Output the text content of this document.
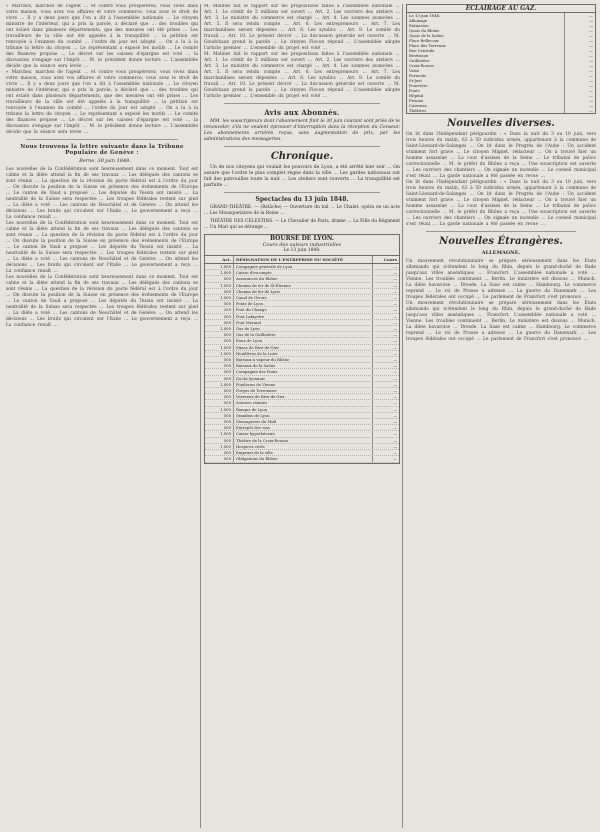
« Marchez, marchez de l'agent … et contre vous prospérerez, vous vivez dans votre maison, vous avez vos affaires et votre commerce, vous avez le droit de vivre … Il y a deux jours que l'on a dit à l'assemblée nationale … Le citoyen ministre de l'intérieur, qui a pris la parole, a déclaré que … des troubles qui ont éclaté dans plusieurs départements, que des mesures ont été prises … Les travailleurs de la ville ont été appelés à la tranquillité … la pétition est renvoyée à l'examen du comité … l'ordre du jour est adopté … On a lu à la tribune la lettre du citoyen … Le représentant a exposé les motifs … Le comité des finances propose … Le décret sur les caisses d'épargne est voté … la discussion s'engage sur l'impôt … M. le président donne lecture … L'assemblée décide que la séance sera levée …
« Marchez, marchez de l'agent … et contre vous prospérerez, vous vivez dans votre maison, vous avez vos affaires et votre commerce, vous avez le droit de vivre … Il y a deux jours que l'on a dit à l'assemblée nationale … Le citoyen ministre de l'intérieur, qui a pris la parole, a déclaré que … des troubles qui ont éclaté dans plusieurs départements, que des mesures ont été prises … Les travailleurs de la ville ont été appelés à la tranquillité … la pétition est renvoyée à l'examen du comité … l'ordre du jour est adopté … On a lu à la tribune la lettre du citoyen … Le représentant a exposé les motifs … Le comité des finances propose … Le décret sur les caisses d'épargne est voté … la discussion s'engage sur l'impôt … M. le président donne lecture … L'assemblée décide que la séance sera levée …

Nous trouvons la lettre suivante dans la Tribune Populaire de Genève :

Berne, 30 juin 1848.

Les nouvelles de la Confédération sont heureusement dans ce moment. Tout est calme et la diète attend la fin de ses travaux … Les délégués des cantons se sont réunis … La question de la révision du pacte fédéral est à l'ordre du jour … On discute la position de la Suisse en présence des événements de l'Europe … Le canton de Vaud a proposé … Les députés du Tessin ont insisté … La neutralité de la Suisse sera respectée … Les troupes fédérales restent sur pied … La diète a voté … Les cantons de Neuchâtel et de Genève … On attend les décisions … Les bruits qui circulent sur l'Italie … Le gouvernement a reçu … La confiance renaît …
Les nouvelles de la Confédération sont heureusement dans ce moment. Tout est calme et la diète attend la fin de ses travaux … Les délégués des cantons se sont réunis … La question de la révision du pacte fédéral est à l'ordre du jour … On discute la position de la Suisse en présence des événements de l'Europe … Le canton de Vaud a proposé … Les députés du Tessin ont insisté … La neutralité de la Suisse sera respectée … Les troupes fédérales restent sur pied … La diète a voté … Les cantons de Neuchâtel et de Genève … On attend les décisions … Les bruits qui circulent sur l'Italie … Le gouvernement a reçu … La confiance renaît …
Les nouvelles de la Confédération sont heureusement dans ce moment. Tout est calme et la diète attend la fin de ses travaux … Les délégués des cantons se sont réunis … La question de la révision du pacte fédéral est à l'ordre du jour … On discute la position de la Suisse en présence des événements de l'Europe … Le canton de Vaud a proposé … Les députés du Tessin ont insisté … La neutralité de la Suisse sera respectée … Les troupes fédérales restent sur pied … La diète a voté … Les cantons de Neuchâtel et de Genève … On attend les décisions … Les bruits qui circulent sur l'Italie … Le gouvernement a reçu … La confiance renaît …
M. Molinet fait le rapport sur les propositions faites à l'assemblée nationale … Art. 1. Le crédit de 5 millions est ouvert … Art. 2. Les ouvriers des ateliers … Art. 3. Le ministre du commerce est chargé … Art. 4. Les sommes avancées … Art. 5. Il sera rendu compte … Art. 6. Les entrepreneurs … Art. 7. Les marchandises seront déposées … Art. 8. Les syndics … Art. 9. Le comité du travail … Art. 10. Le présent décret … La discussion générale est ouverte … M. Goudchaux prend la parole … Le citoyen Flocon répond … L'assemblée adopte l'article premier … L'ensemble du projet est voté …
M. Molinet fait le rapport sur les propositions faites à l'assemblée nationale … Art. 1. Le crédit de 5 millions est ouvert … Art. 2. Les ouvriers des ateliers … Art. 3. Le ministre du commerce est chargé … Art. 4. Les sommes avancées … Art. 5. Il sera rendu compte … Art. 6. Les entrepreneurs … Art. 7. Les marchandises seront déposées … Art. 8. Les syndics … Art. 9. Le comité du travail … Art. 10. Le présent décret … La discussion générale est ouverte … M. Goudchaux prend la parole … Le citoyen Flocon répond … L'assemblée adopte l'article premier … L'ensemble du projet est voté …
Avis aux Abonnés.

MM. les souscripteurs dont l'abonnement finit le 30 juin courant sont priés de le renouveler, s'ils ne veulent éprouver d'interruption dans la réception du Censeur. Les abonnements arriérés reçus, sans augmentation de prix, par les administrations des messageries.

Chronique.

Un de nos citoyens qui voulait les pouvoirs de Lyon, a été arrêté hier soir … On assure que l'ordre le plus complet règne dans la ville … Les gardes nationaux ont fait des patrouilles toute la nuit … Les ateliers sont rouverts … La tranquillité est parfaite …

Spectacles du 13 juin 1848.

GRAND-THÉÂTRE. — (Relâche) — Ouverture du bal … Le Chalet, opéra en un acte … Les Mousquetaires de la Reine …

THÉÂTRE DES CÉLESTINS. — Le Chevalier de Paris, drame … La Fille du Régiment … Un Mari qui se dérange …

BOURSE DE LYON.
Cours des valeurs industrielles
Le 13 juin 1848.
Act.	DÉSIGNATION DE L'ENTREPRISE OU SOCIÉTÉ	Cours
1,000	Compagnie générale de Lyon	—
1,000	Caisse d'escompte	—
500	Assurances du Rhône	—
1,000	Chemin de fer de St-Étienne	—
500	Chemin de fer de Lyon	—
1,000	Canal de Givors	—
500	Ponts de Lyon	—
250	Pont du Change	—
500	Pont Lafayette	—
500	Pont Morand	—
1,000	Gaz de Lyon	—
500	Gaz de la Guillotière	—
500	Eaux de Lyon	—
1,000	Mines de Rive-de-Gier	—
1,000	Houillères de la Loire	—
500	Bateaux à vapeur du Rhône	—
500	Bateaux de la Saône	—
500	Compagnie des Ponts	—
500	Docks lyonnais	—
1,000	Fonderies de Vienne	—
500	Forges de Terrenoire	—
500	Verreries de Rive-de-Gier	—
500	Soieries réunies	—
1,000	Banque de Lyon	—
500	Omnibus de Lyon	—
500	Messageries du Midi	—
500	Entrepôt des vins	—
1,000	Caisse hypothécaire	—
500	Théâtre de la Croix-Rousse	—
1,000	Hospices civils	—
500	Emprunt de la ville	—
500	Obligations du Rhône	—
ÉCLAIRAGE AU GAZ.
Le 13 juin 1848.	—
Allumage	—
Extinction	—
Quais du Rhône	—
Quais de la Saône	—
Place Bellecour	—
Place des Terreaux	—
Rue Centrale	—
Brotteaux	—
Guillotière	—
Croix-Rousse	—
Vaise	—
Perrache	—
St-Just	—
Fourvière	—
Ponts	—
Hôpital	—
Prisons	—
Casernes	—
Théâtres	—
Nouvelles diverses.
On lit dans l'Indépendant périgourdin : « Dans la nuit du 3 au 10 juin, vers trois heures du matin, 63 à 50 individus armés, appartenant à la commune de Saint-Léonard-de-Sulanges … On lit dans le Progrès de l'Aube : Un accident vraiment fort grave … Le citoyen Mignet, rédacteur … On a trouvé hier un homme assassiné … La cour d'assises de la Seine … Le tribunal de police correctionnelle … M. le préfet du Rhône a reçu … Une souscription est ouverte … Les ouvriers des chantiers … On signale un incendie … Le conseil municipal s'est réuni … La garde nationale a été passée en revue …
On lit dans l'Indépendant périgourdin : « Dans la nuit du 3 au 10 juin, vers trois heures du matin, 63 à 50 individus armés, appartenant à la commune de Saint-Léonard-de-Sulanges … On lit dans le Progrès de l'Aube : Un accident vraiment fort grave … Le citoyen Mignet, rédacteur … On a trouvé hier un homme assassiné … La cour d'assises de la Seine … Le tribunal de police correctionnelle … M. le préfet du Rhône a reçu … Une souscription est ouverte … Les ouvriers des chantiers … On signale un incendie … Le conseil municipal s'est réuni … La garde nationale a été passée en revue …
Nouvelles Étrangères.
ALLEMAGNE.
Un mouvement révolutionnaire se prépare sérieusement dans les États allemands qui n'étendent le long du Rhin, depuis le grand-duché de Bade jusqu'aux villes anséatiques … Francfort. L'assemblée nationale a voté … Vienne. Les troubles continuent … Berlin. Le ministère est dissous … Munich. La diète bavaroise … Dresde. La Saxe est calme … Hambourg. Le commerce reprend … Le roi de Prusse a adressé … La guerre du Danemark … Les troupes fédérales ont occupé … Le parlement de Francfort s'est prononcé …
Un mouvement révolutionnaire se prépare sérieusement dans les États allemands qui n'étendent le long du Rhin, depuis le grand-duché de Bade jusqu'aux villes anséatiques … Francfort. L'assemblée nationale a voté … Vienne. Les troubles continuent … Berlin. Le ministère est dissous … Munich. La diète bavaroise … Dresde. La Saxe est calme … Hambourg. Le commerce reprend … Le roi de Prusse a adressé … La guerre du Danemark … Les troupes fédérales ont occupé … Le parlement de Francfort s'est prononcé …
